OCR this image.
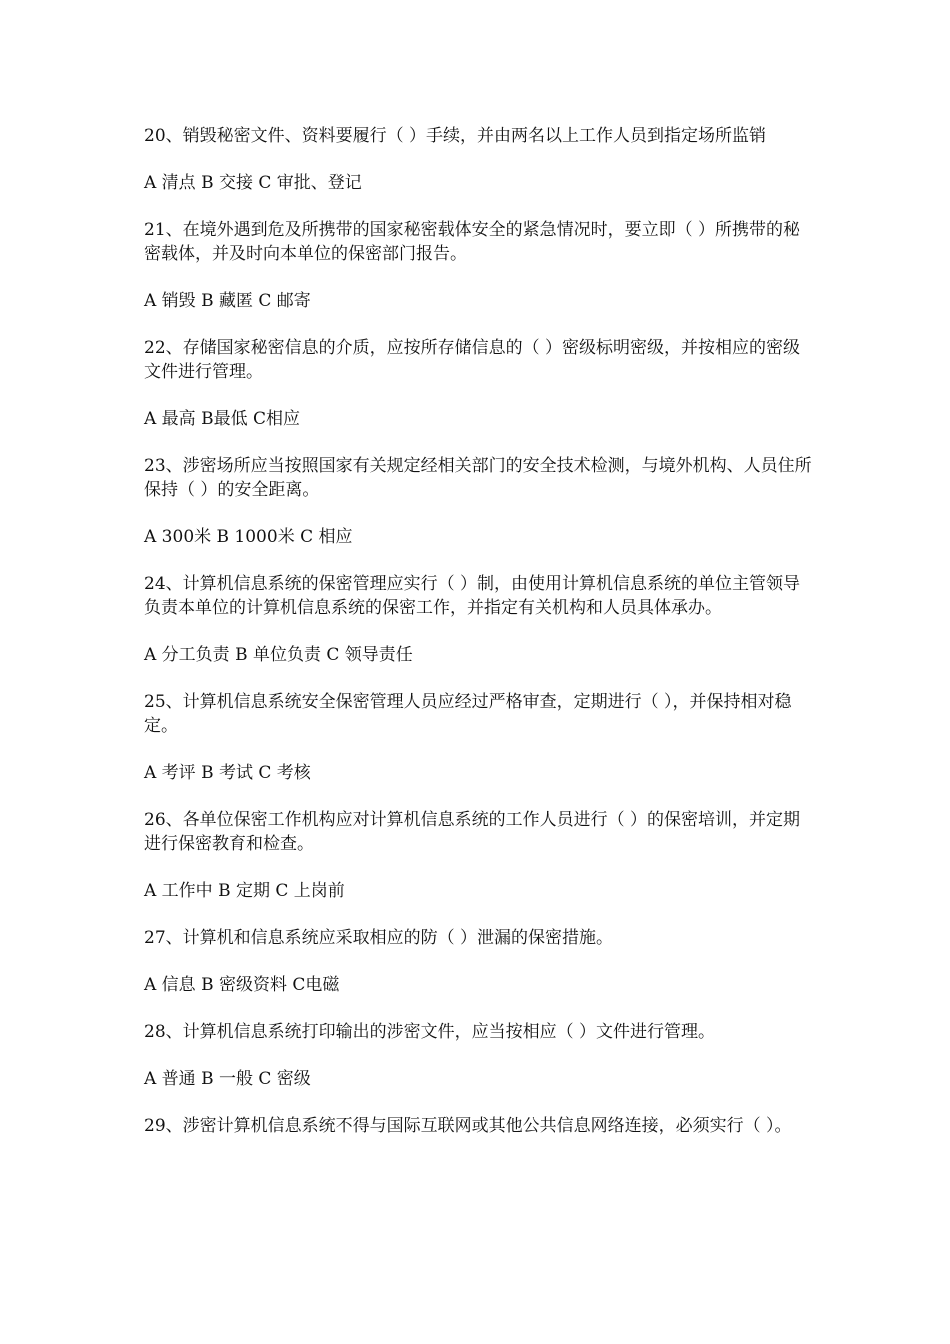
20、销毁秘密文件、资料要履行（ ）手续，并由两名以上工作人员到指定场所监销

A 清点 B 交接 C 审批、登记

21、在境外遇到危及所携带的国家秘密载体安全的紧急情况时，要立即（ ）所携带的秘密载体，并及时向本单位的保密部门报告。

A 销毁 B 藏匿 C 邮寄

22、存储国家秘密信息的介质，应按所存储信息的（ ）密级标明密级，并按相应的密级文件进行管理。

A 最高 B最低 C相应

23、涉密场所应当按照国家有关规定经相关部门的安全技术检测，与境外机构、人员住所保持（ ）的安全距离。

A 300米 B 1000米 C 相应

24、计算机信息系统的保密管理应实行（ ）制，由使用计算机信息系统的单位主管领导负责本单位的计算机信息系统的保密工作，并指定有关机构和人员具体承办。

A 分工负责 B 单位负责 C 领导责任

25、计算机信息系统安全保密管理人员应经过严格审查，定期进行（ ），并保持相对稳定。

A 考评 B 考试 C 考核

26、各单位保密工作机构应对计算机信息系统的工作人员进行（ ）的保密培训，并定期进行保密教育和检查。

A 工作中 B 定期 C 上岗前

27、计算机和信息系统应采取相应的防（ ）泄漏的保密措施。

A 信息 B 密级资料 C电磁

28、计算机信息系统打印输出的涉密文件，应当按相应（ ）文件进行管理。

A 普通 B 一般 C 密级

29、涉密计算机信息系统不得与国际互联网或其他公共信息网络连接，必须实行（ ）。
